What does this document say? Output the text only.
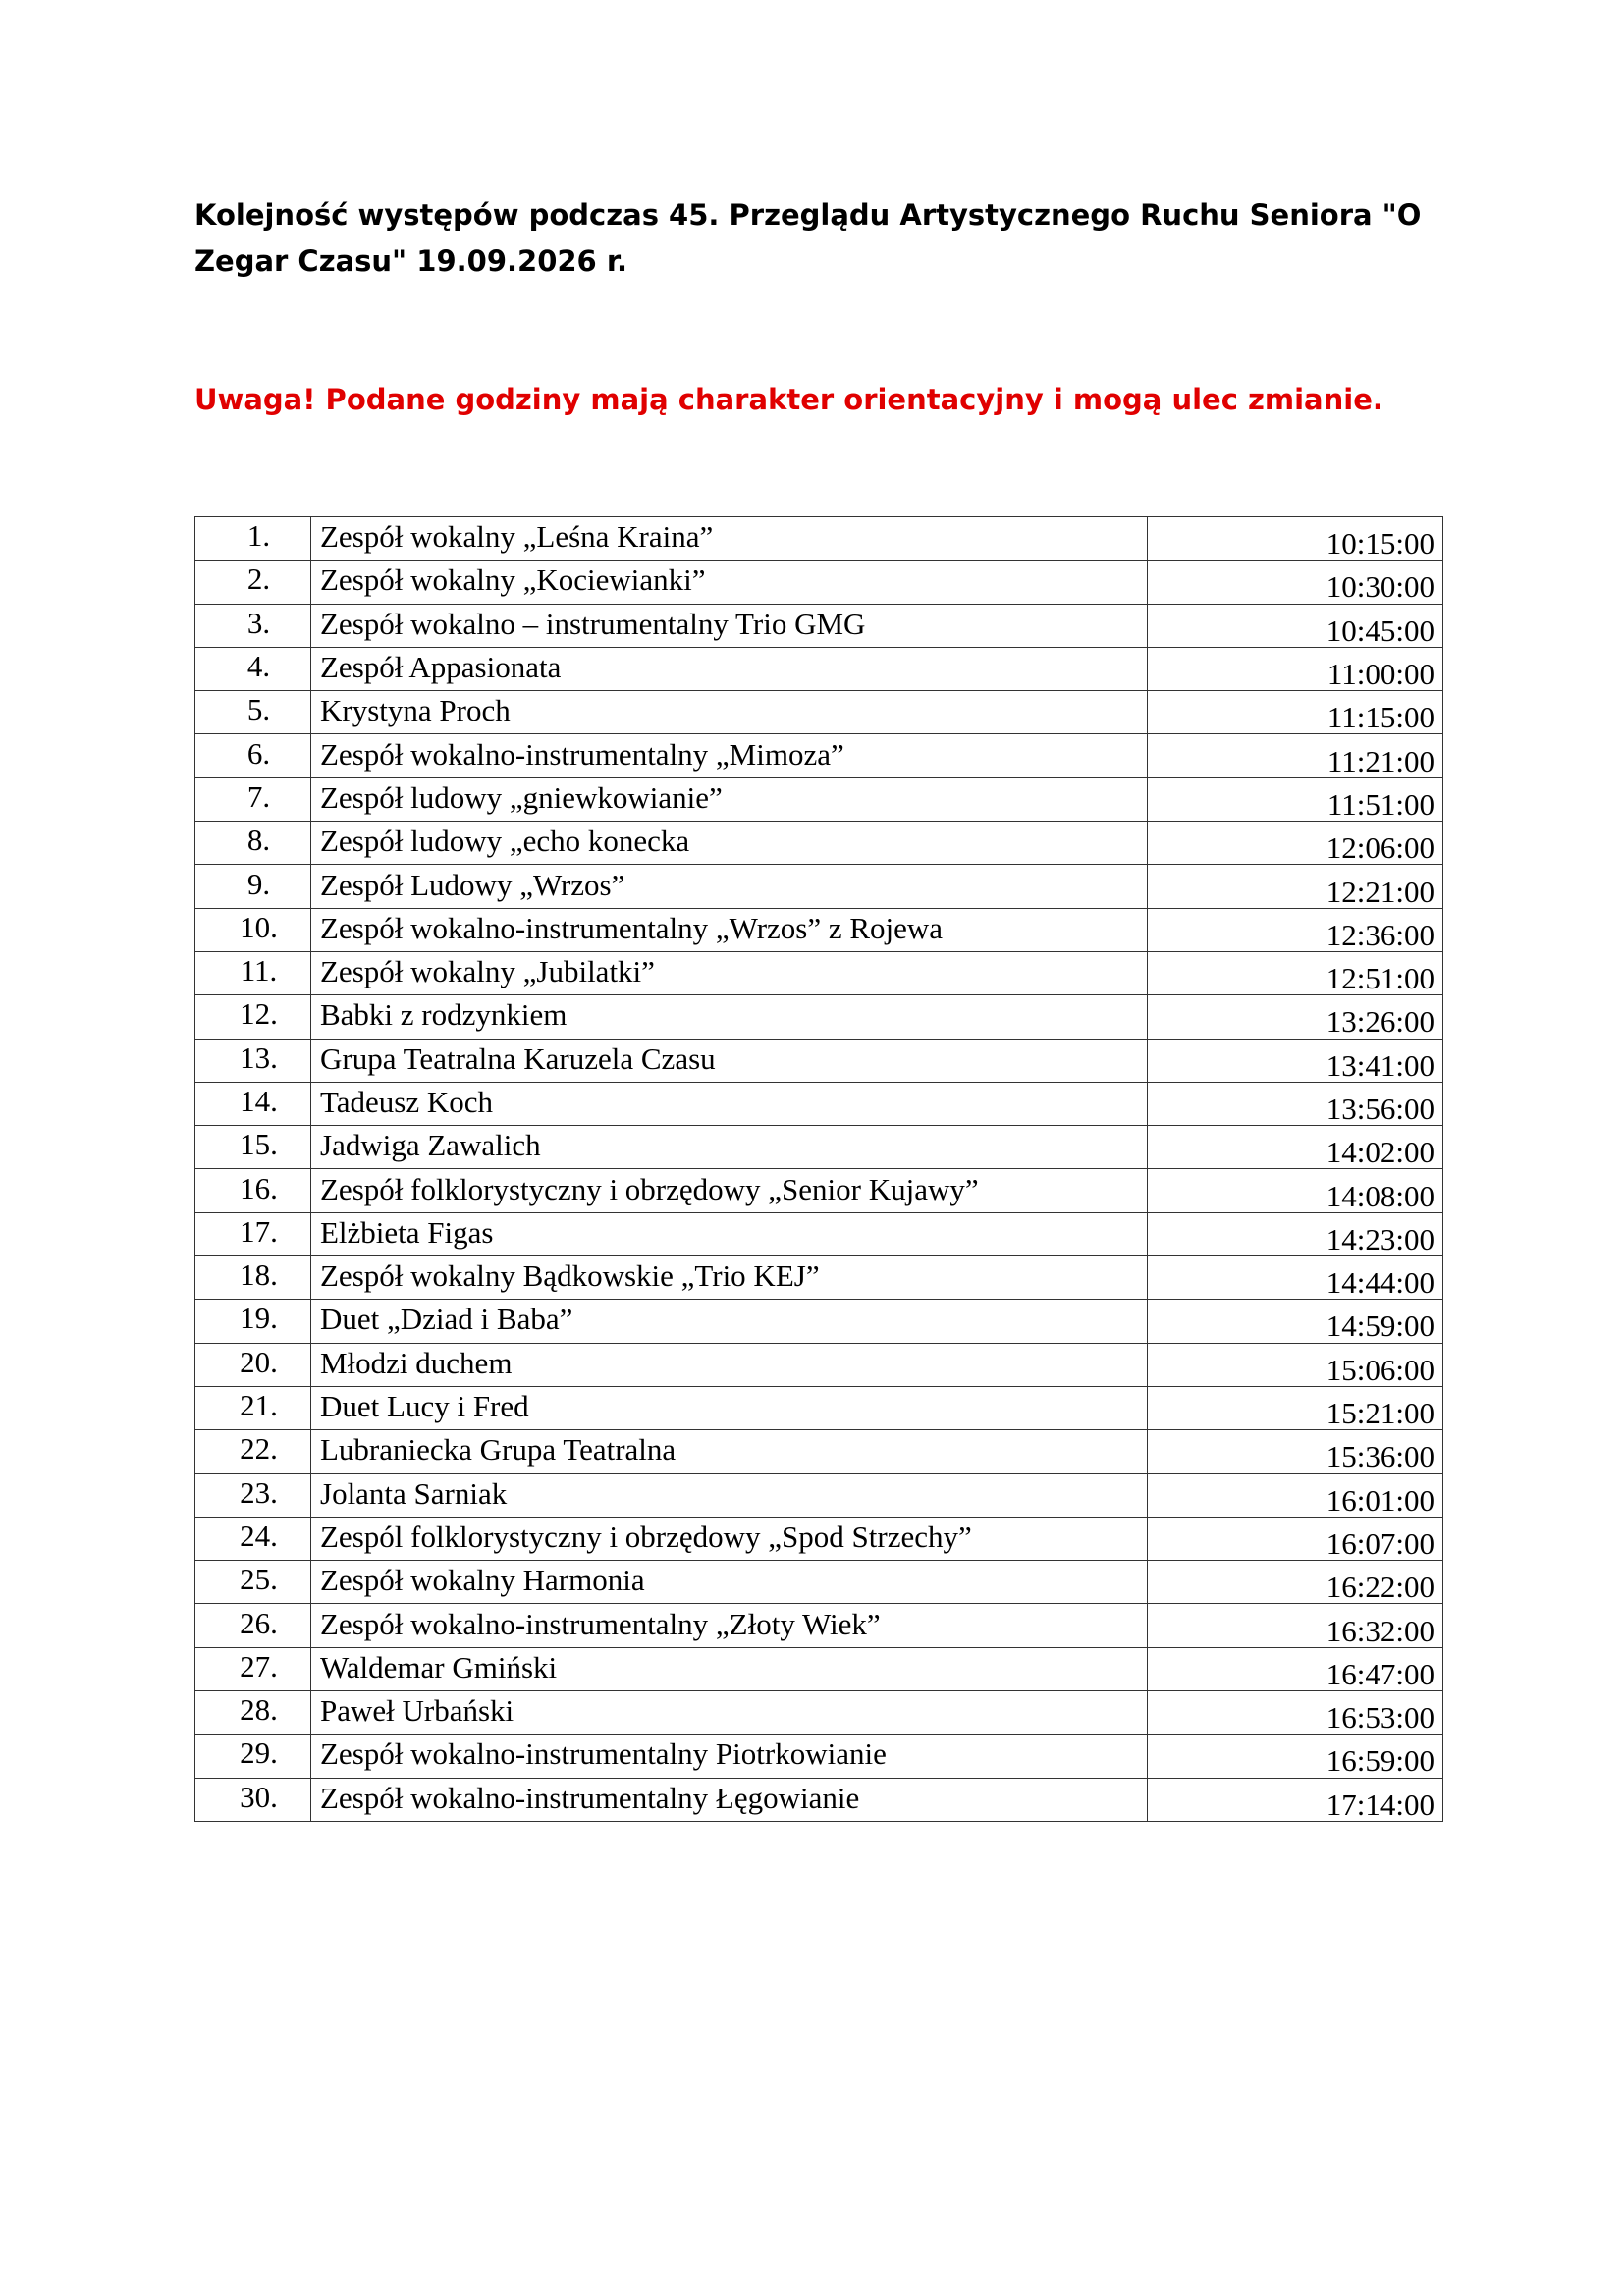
Kolejność występów podczas 45. Przeglądu Artystycznego Ruchu Seniora "O Zegar Czasu" 19.09.2026 r.

Uwaga! Podane godziny mają charakter orientacyjny i mogą ulec zmianie.

1.	Zespół wokalny „Leśna Kraina”	10:15:00
2.	Zespół wokalny „Kociewianki”	10:30:00
3.	Zespół wokalno – instrumentalny Trio GMG	10:45:00
4.	Zespół Appasionata	11:00:00
5.	Krystyna Proch	11:15:00
6.	Zespół wokalno-instrumentalny „Mimoza”	11:21:00
7.	Zespół ludowy „gniewkowianie”	11:51:00
8.	Zespół ludowy „echo konecka	12:06:00
9.	Zespół Ludowy „Wrzos”	12:21:00
10.	Zespół wokalno-instrumentalny „Wrzos” z Rojewa	12:36:00
11.	Zespół wokalny „Jubilatki”	12:51:00
12.	Babki z rodzynkiem	13:26:00
13.	Grupa Teatralna Karuzela Czasu	13:41:00
14.	Tadeusz Koch	13:56:00
15.	Jadwiga Zawalich	14:02:00
16.	Zespół folklorystyczny i obrzędowy „Senior Kujawy”	14:08:00
17.	Elżbieta Figas	14:23:00
18.	Zespół wokalny Bądkowskie „Trio KEJ”	14:44:00
19.	Duet „Dziad i Baba”	14:59:00
20.	Młodzi duchem	15:06:00
21.	Duet Lucy i Fred	15:21:00
22.	Lubraniecka Grupa Teatralna	15:36:00
23.	Jolanta Sarniak	16:01:00
24.	Zespól folklorystyczny i obrzędowy „Spod Strzechy”	16:07:00
25.	Zespół wokalny Harmonia	16:22:00
26.	Zespół wokalno-instrumentalny „Złoty Wiek”	16:32:00
27.	Waldemar Gmiński	16:47:00
28.	Paweł Urbański	16:53:00
29.	Zespół wokalno-instrumentalny Piotrkowianie	16:59:00
30.	Zespół wokalno-instrumentalny Łęgowianie	17:14:00
